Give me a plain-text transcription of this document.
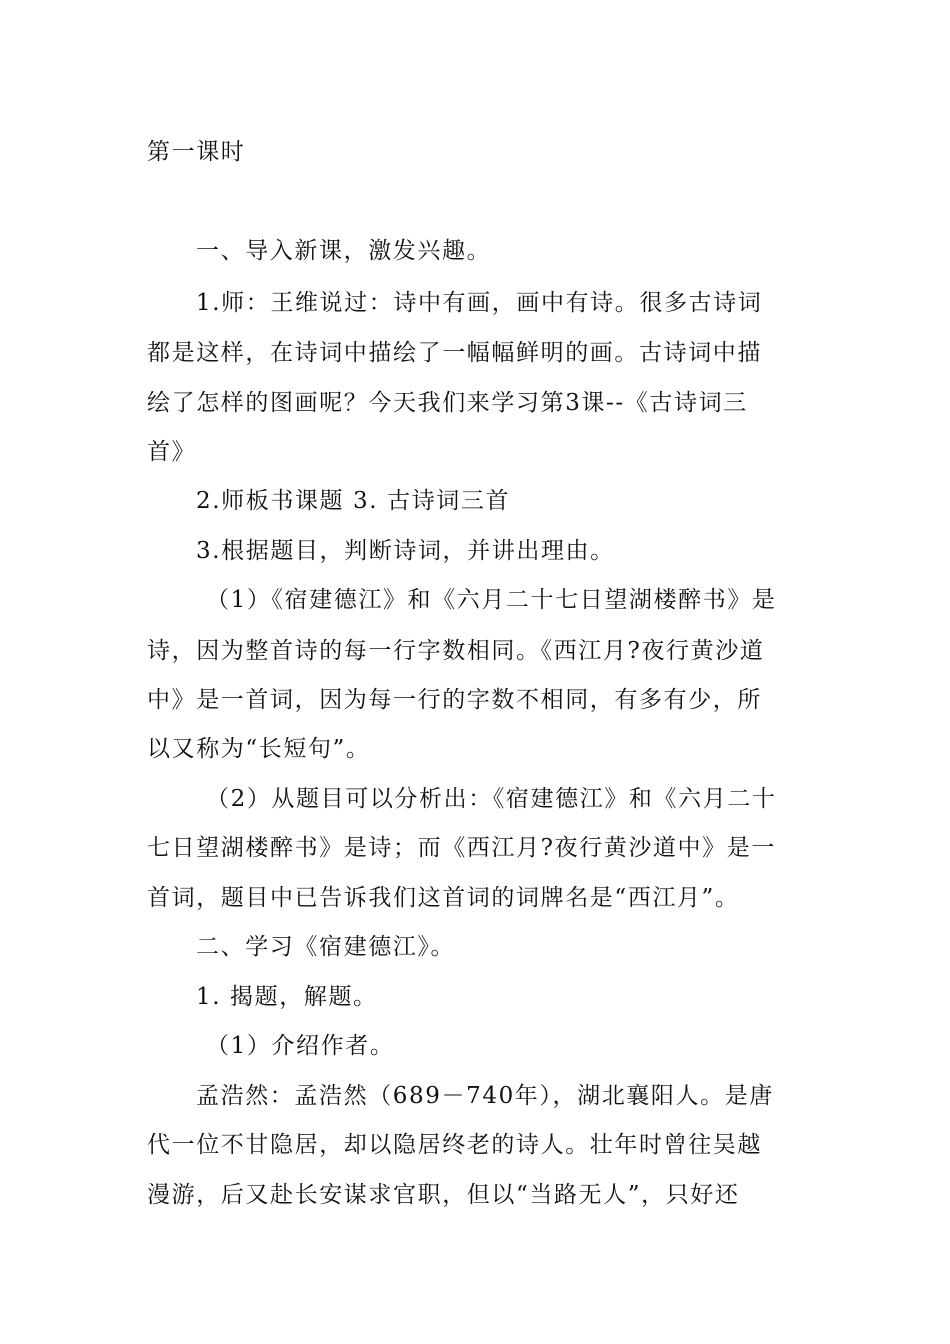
第一课时
一、导入新课，激发兴趣。
1.师：王维说过：诗中有画，画中有诗。很多古诗词
都是这样，在诗词中描绘了一幅幅鲜明的画。古诗词中描
绘了怎样的图画呢？今天我们来学习第3课--《古诗词三
首》
2.师板书课题 3. 古诗词三首
3.根据题目，判断诗词，并讲出理由。
（1）《宿建德江》和《六月二十七日望湖楼醉书》是
诗，因为整首诗的每一行字数相同。《西江月?夜行黄沙道
中》是一首词，因为每一行的字数不相同，有多有少，所
以又称为“长短句”。
（2）从题目可以分析出：《宿建德江》和《六月二十
七日望湖楼醉书》是诗；而《西江月?夜行黄沙道中》是一
首词，题目中已告诉我们这首词的词牌名是“西江月”。
二、学习《宿建德江》。
1. 揭题，解题。
（1）介绍作者。
孟浩然：孟浩然（689－740年），湖北襄阳人。是唐
代一位不甘隐居，却以隐居终老的诗人。壮年时曾往吴越
漫游，后又赴长安谋求官职，但以“当路无人”，只好还
